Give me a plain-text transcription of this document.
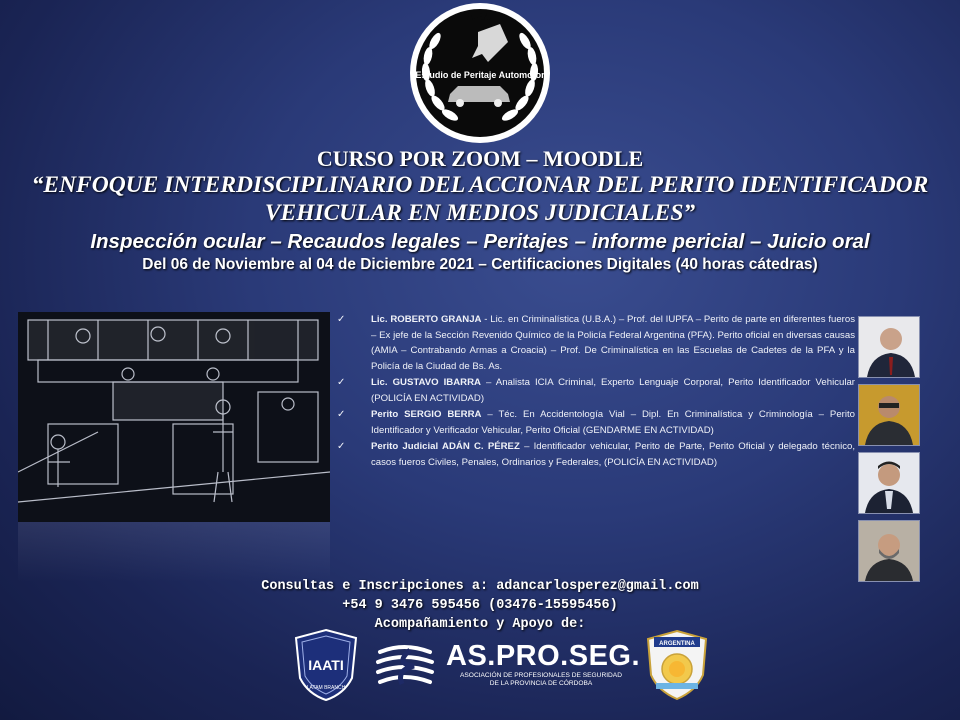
E.P.A.
Estudio de Peritaje Automotor
CURSO POR ZOOM – MOODLE
“ENFOQUE INTERDISCIPLINARIO DEL ACCIONAR DEL PERITO IDENTIFICADOR
VEHICULAR EN MEDIOS JUDICIALES”
Inspección ocular – Recaudos legales – Peritajes – informe pericial – Juicio oral
Del 06 de Noviembre al 04 de Diciembre 2021 – Certificaciones Digitales (40 horas cátedras)
✓	Lic. ROBERTO GRANJA - Lic. en Criminalística (U.B.A.) – Prof. del IUPFA – Perito de parte en diferentes fueros – Ex jefe de la Sección Revenido Químico de la Policía Federal Argentina (PFA). Perito oficial en diversas causas (AMIA – Contrabando Armas a Croacia) – Prof. De Criminalística en las Escuelas de Cadetes de la PFA y la Policía de la Ciudad de Bs. As.
✓	Lic. GUSTAVO IBARRA – Analista ICIA Criminal, Experto Lenguaje Corporal, Perito Identificador Vehicular (POLICÍA EN ACTIVIDAD)
✓	Perito SERGIO BERRA – Téc. En Accidentología Vial – Dipl. En Criminalística y Criminología – Perito Identificador y Verificador Vehicular, Perito Oficial (GENDARME EN ACTIVIDAD)
✓	Perito Judicial ADÁN C. PÉREZ – Identificador vehicular, Perito de Parte, Perito Oficial y delegado técnico, casos fueros Civiles, Penales, Ordinarios y Federales, (POLICÍA EN ACTIVIDAD)
Consultas e Inscripciones a: adancarlosperez@gmail.com
+54 9 3476 595456 (03476-15595456)
Acompañamiento y Apoyo de:
IAATI
LATAM BRANCH
AS.PRO.SEG.
ASOCIACIÓN DE PROFESIONALES DE SEGURIDAD
DE LA PROVINCIA DE CÓRDOBA
ARGENTINA
